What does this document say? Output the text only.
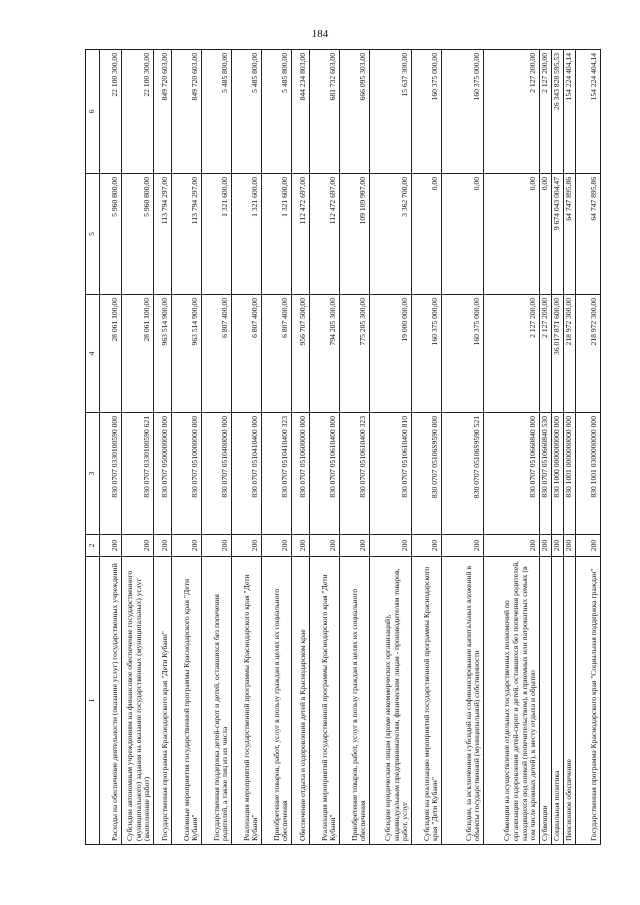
184
1	2	3	4	5	6
Расходы на обеспечение деятельности (оказание услуг) государственных учреждений	200	830 0707 0330100590 000	28 061 100,00	5 960 800,00	22 100 300,00
Субсидии автономным учреждениям на финансовое обеспечение государственного (муниципального) задания на оказание государственных (муниципальных) услуг (выполнение работ)	200	830 0707 0330100590 621	28 061 100,00	5 960 800,00	22 100 300,00
Государственная программа Краснодарского края "Дети Кубани"	200	830 0707 0500000000 000	963 514 900,00	113 794 297,00	849 720 603,00
Основные мероприятия государственной программы Краснодарского края "Дети Кубани"	200	830 0707 0510000000 000	963 514 900,00	113 794 297,00	849 720 603,00
Государственная поддержка детей-сирот и детей, оставшихся без попечения родителей, а также лиц из их числа	200	830 0707 0510400000 000	6 807 400,00	1 321 600,00	5 485 800,00
Реализация мероприятий государственной программы Краснодарского края "Дети Кубани"	200	830 0707 0510410400 000	6 807 400,00	1 321 600,00	5 485 800,00
Приобретение товаров, работ, услуг в пользу граждан в целях их социального обеспечения	200	830 0707 0510410400 323	6 807 400,00	1 321 600,00	5 485 800,00
Обеспечение отдыха и оздоровления детей в Краснодарском крае	200	830 0707 0510600000 000	956 707 500,00	112 472 697,00	844 234 803,00
Реализация мероприятий государственной программы Краснодарского края "Дети Кубани"	200	830 0707 0510610400 000	794 205 300,00	112 472 697,00	681 732 603,00
Приобретение товаров, работ, услуг в пользу граждан в целях их социального обеспечения	200	830 0707 0510610400 323	775 205 300,00	109 109 997,00	666 095 303,00
Субсидии юридическим лицам (кроме некоммерческих организаций), индивидуальным предпринимателям, физическим лицам - производителям товаров, работ, услуг	200	830 0707 0510610400 810	19 000 000,00	3 362 700,00	15 637 300,00
Субсидии на реализацию мероприятий государственной программы Краснодарского края "Дети Кубани"	200	830 0707 05106S9590 000	160 375 000,00	0,00	160 375 000,00
Субсидии, за исключением субсидий на софинансирование капитальных вложений в объекты государственной (муниципальной) собственности	200	830 0707 05106S9590 521	160 375 000,00	0,00	160 375 000,00
Субвенции на осуществление отдельных государственных полномочий по организации оздоровления детей-сирот и детей, оставшихся без попечения родителей, находящихся под опекой (попечительством), в приемных или патронатных семьях (в том числе кровных детей), к месту отдыха и обратно	200	830 0707 0510660840 000	2 127 200,00	0,00	2 127 200,00
Субвенции	200	830 0707 0510660840 530	2 127 200,00	0,00	2 127 200,00
Социальная политика	200	830 1000 0000000000 000	36 017 871 600,00	9 674 043 004,47	26 343 828 595,53
Пенсионное обеспечение	200	830 1001 0000000000 000	218 972 300,00	64 747 895,86	154 224 404,14
Государственная программа Краснодарского края "Социальная поддержка граждан"	200	830 1001 0300000000 000	218 972 300,00	64 747 895,86	154 224 404,14
